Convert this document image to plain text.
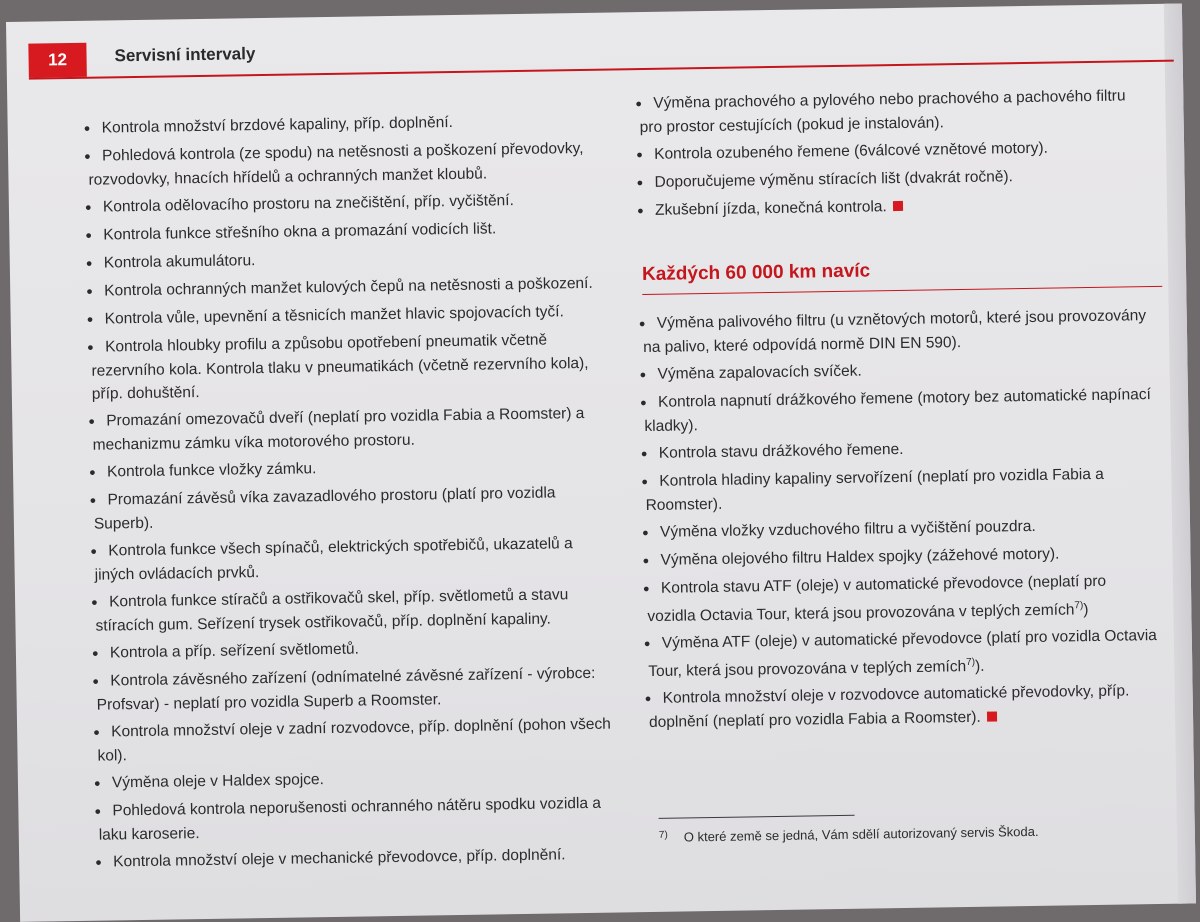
12	Servisní intervaly
● Kontrola množství brzdové kapaliny, příp. doplnění.
● Pohledová kontrola (ze spodu) na netěsnosti a poškození převodovky, rozvodovky, hnacích hřídelů a ochranných manžet kloubů.
● Kontrola odělovacího prostoru na znečištění, příp. vyčištění.
● Kontrola funkce střešního okna a promazání vodicích lišt.
● Kontrola akumulátoru.
● Kontrola ochranných manžet kulových čepů na netěsnosti a poškození.
● Kontrola vůle, upevnění a těsnicích manžet hlavic spojovacích tyčí.
● Kontrola hloubky profilu a způsobu opotřebení pneumatik včetně rezervního kola. Kontrola tlaku v pneumatikách (včetně rezervního kola), příp. dohuštění.
● Promazání omezovačů dveří (neplatí pro vozidla Fabia a Roomster) a mechanizmu zámku víka motorového prostoru.
● Kontrola funkce vložky zámku.
● Promazání závěsů víka zavazadlového prostoru (platí pro vozidla Superb).
● Kontrola funkce všech spínačů, elektrických spotřebičů, ukazatelů a jiných ovládacích prvků.
● Kontrola funkce stíračů a ostřikovačů skel, příp. světlometů a stavu stíracích gum. Seřízení trysek ostřikovačů, příp. doplnění kapaliny.
● Kontrola a příp. seřízení světlometů.
● Kontrola závěsného zařízení (odnímatelné závěsné zařízení - výrobce: Profsvar) - neplatí pro vozidla Superb a Roomster.
● Kontrola množství oleje v zadní rozvodovce, příp. doplnění (pohon všech kol).
● Výměna oleje v Haldex spojce.
● Pohledová kontrola neporušenosti ochranného nátěru spodku vozidla a laku karoserie.
● Kontrola množství oleje v mechanické převodovce, příp. doplnění.
● Výměna prachového a pylového nebo prachového a pachového filtru pro prostor cestujících (pokud je instalován).
● Kontrola ozubeného řemene (6válcové vznětové motory).
● Doporučujeme výměnu stíracích lišt (dvakrát ročně).
● Zkušební jízda, konečná kontrola.
Každých 60 000 km navíc
● Výměna palivového filtru (u vznětových motorů, které jsou provozovány na palivo, které odpovídá normě DIN EN 590).
● Výměna zapalovacích svíček.
● Kontrola napnutí drážkového řemene (motory bez automatické napínací kladky).
● Kontrola stavu drážkového řemene.
● Kontrola hladiny kapaliny servořízení (neplatí pro vozidla Fabia a Roomster).
● Výměna vložky vzduchového filtru a vyčištění pouzdra.
● Výměna olejového filtru Haldex spojky (zážehové motory).
● Kontrola stavu ATF (oleje) v automatické převodovce (neplatí pro vozidla Octavia Tour, která jsou provozována v teplých zemích$^{7)}$)
● Výměna ATF (oleje) v automatické převodovce (platí pro vozidla Octavia Tour, která jsou provozována v teplých zemích$^{7)}$).
● Kontrola množství oleje v rozvodovce automatické převodovky, příp. doplnění (neplatí pro vozidla Fabia a Roomster).
$^{7)}$ O které země se jedná, Vám sdělí autorizovaný servis Škoda.
